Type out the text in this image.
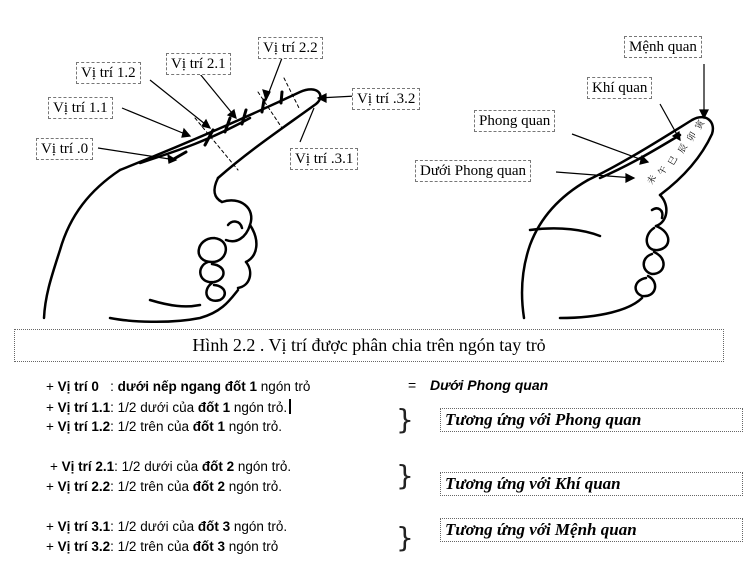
寅
卯
辰
巳
午
未
Vị trí .0
Vị trí 1.1
Vị trí 1.2
Vị trí 2.1
Vị trí 2.2
Vị trí .3.1
Vị trí .3.2
Mệnh quan
Khí quan
Phong quan
Dưới Phong quan
Hình 2.2 . Vị trí được phân chia trên ngón tay trỏ
+ Vị trí 0   : dưới nếp ngang đốt 1 ngón trỏ	= Dưới Phong quan
+ Vị trí 1.1: 1/2 dưới của đốt 1 ngón trỏ.
+ Vị trí 1.2: 1/2 trên của đốt 1 ngón trỏ.	} Tương ứng với Phong quan
+ Vị trí 2.1: 1/2 dưới của đốt 2 ngón trỏ.
+ Vị trí 2.2: 1/2 trên của đốt 2 ngón trỏ.	} Tương ứng với Khí quan
+ Vị trí 3.1: 1/2 dưới của đốt 3 ngón trỏ.
+ Vị trí 3.2: 1/2 trên của đốt 3 ngón trỏ	} Tương ứng với Mệnh quan
